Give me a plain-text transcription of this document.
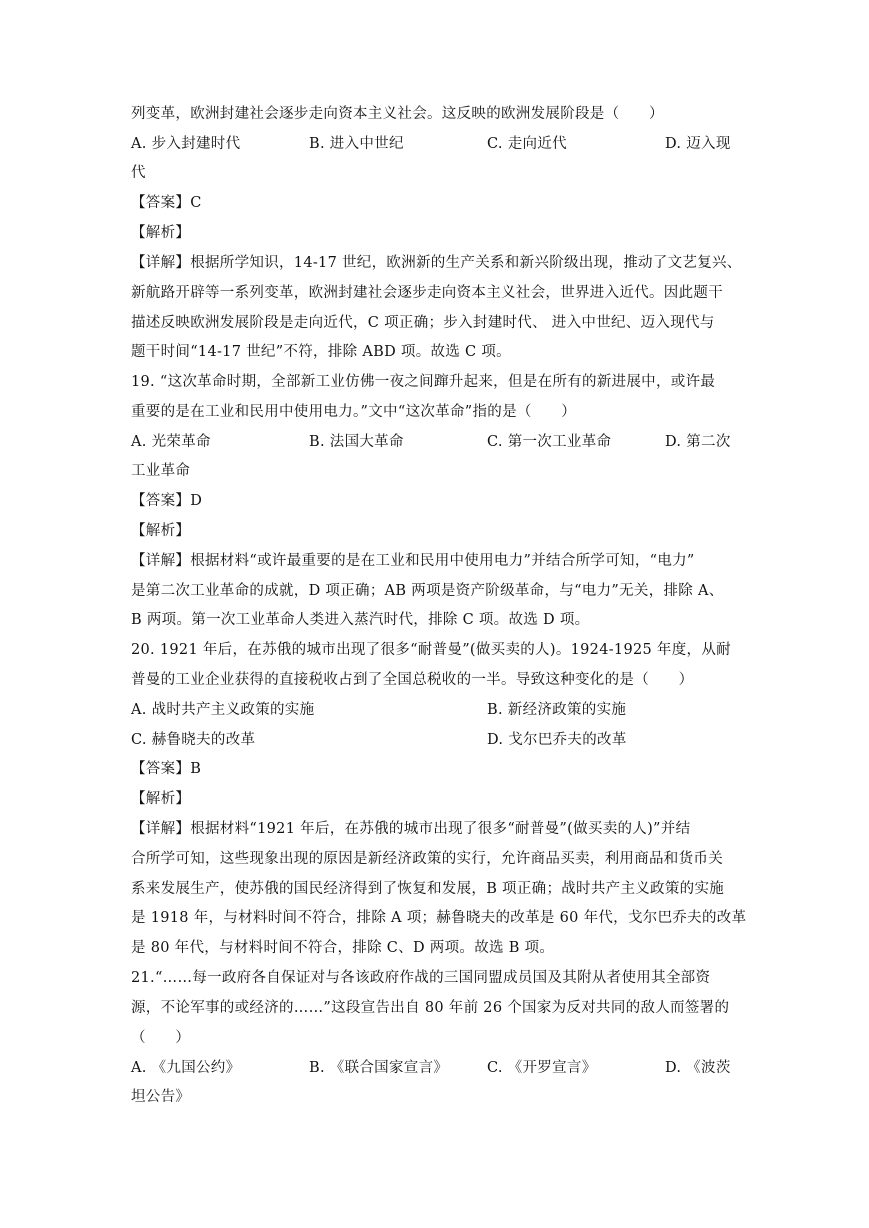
列变革，欧洲封建社会逐步走向资本主义社会。这反映的欧洲发展阶段是（　　）
A. 步入封建时代	B. 进入中世纪	C. 走向近代	D. 迈入现
代
【答案】C
【解析】
【详解】根据所学知识，14-17 世纪，欧洲新的生产关系和新兴阶级出现，推动了文艺复兴、
新航路开辟等一系列变革，欧洲封建社会逐步走向资本主义社会，世界进入近代。因此题干
描述反映欧洲发展阶段是走向近代，C 项正确；步入封建时代、 进入中世纪、迈入现代与
题干时间“14-17 世纪”不符，排除 ABD 项。故选 C 项。
19. “这次革命时期，全部新工业仿佛一夜之间蹿升起来，但是在所有的新进展中，或许最
重要的是在工业和民用中使用电力。”文中“这次革命”指的是（　　）
A. 光荣革命	B. 法国大革命	C. 第一次工业革命	D. 第二次
工业革命
【答案】D
【解析】
【详解】根据材料“或许最重要的是在工业和民用中使用电力”并结合所学可知，“电力”
是第二次工业革命的成就，D 项正确；AB 两项是资产阶级革命，与“电力”无关，排除 A、
B 两项。第一次工业革命人类进入蒸汽时代，排除 C 项。故选 D 项。
20. 1921 年后，在苏俄的城市出现了很多“耐普曼”(做买卖的人)。1924-1925 年度，从耐
普曼的工业企业获得的直接税收占到了全国总税收的一半。导致这种变化的是（　　）
A. 战时共产主义政策的实施	B. 新经济政策的实施
C. 赫鲁晓夫的改革	D. 戈尔巴乔夫的改革
【答案】B
【解析】
【详解】根据材料“1921 年后，在苏俄的城市出现了很多“耐普曼”(做买卖的人)”并结
合所学可知，这些现象出现的原因是新经济政策的实行，允许商品买卖，利用商品和货币关
系来发展生产，使苏俄的国民经济得到了恢复和发展，B 项正确；战时共产主义政策的实施
是 1918 年，与材料时间不符合，排除 A 项；赫鲁晓夫的改革是 60 年代，戈尔巴乔夫的改革
是 80 年代，与材料时间不符合，排除 C、D 两项。故选 B 项。
21.“……每一政府各自保证对与各该政府作战的三国同盟成员国及其附从者使用其全部资
源，不论军事的或经济的……”这段宣告出自 80 年前 26 个国家为反对共同的敌人而签署的
（　　）
A. 《九国公约》	B. 《联合国家宣言》	C. 《开罗宣言》	D. 《波茨
坦公告》
